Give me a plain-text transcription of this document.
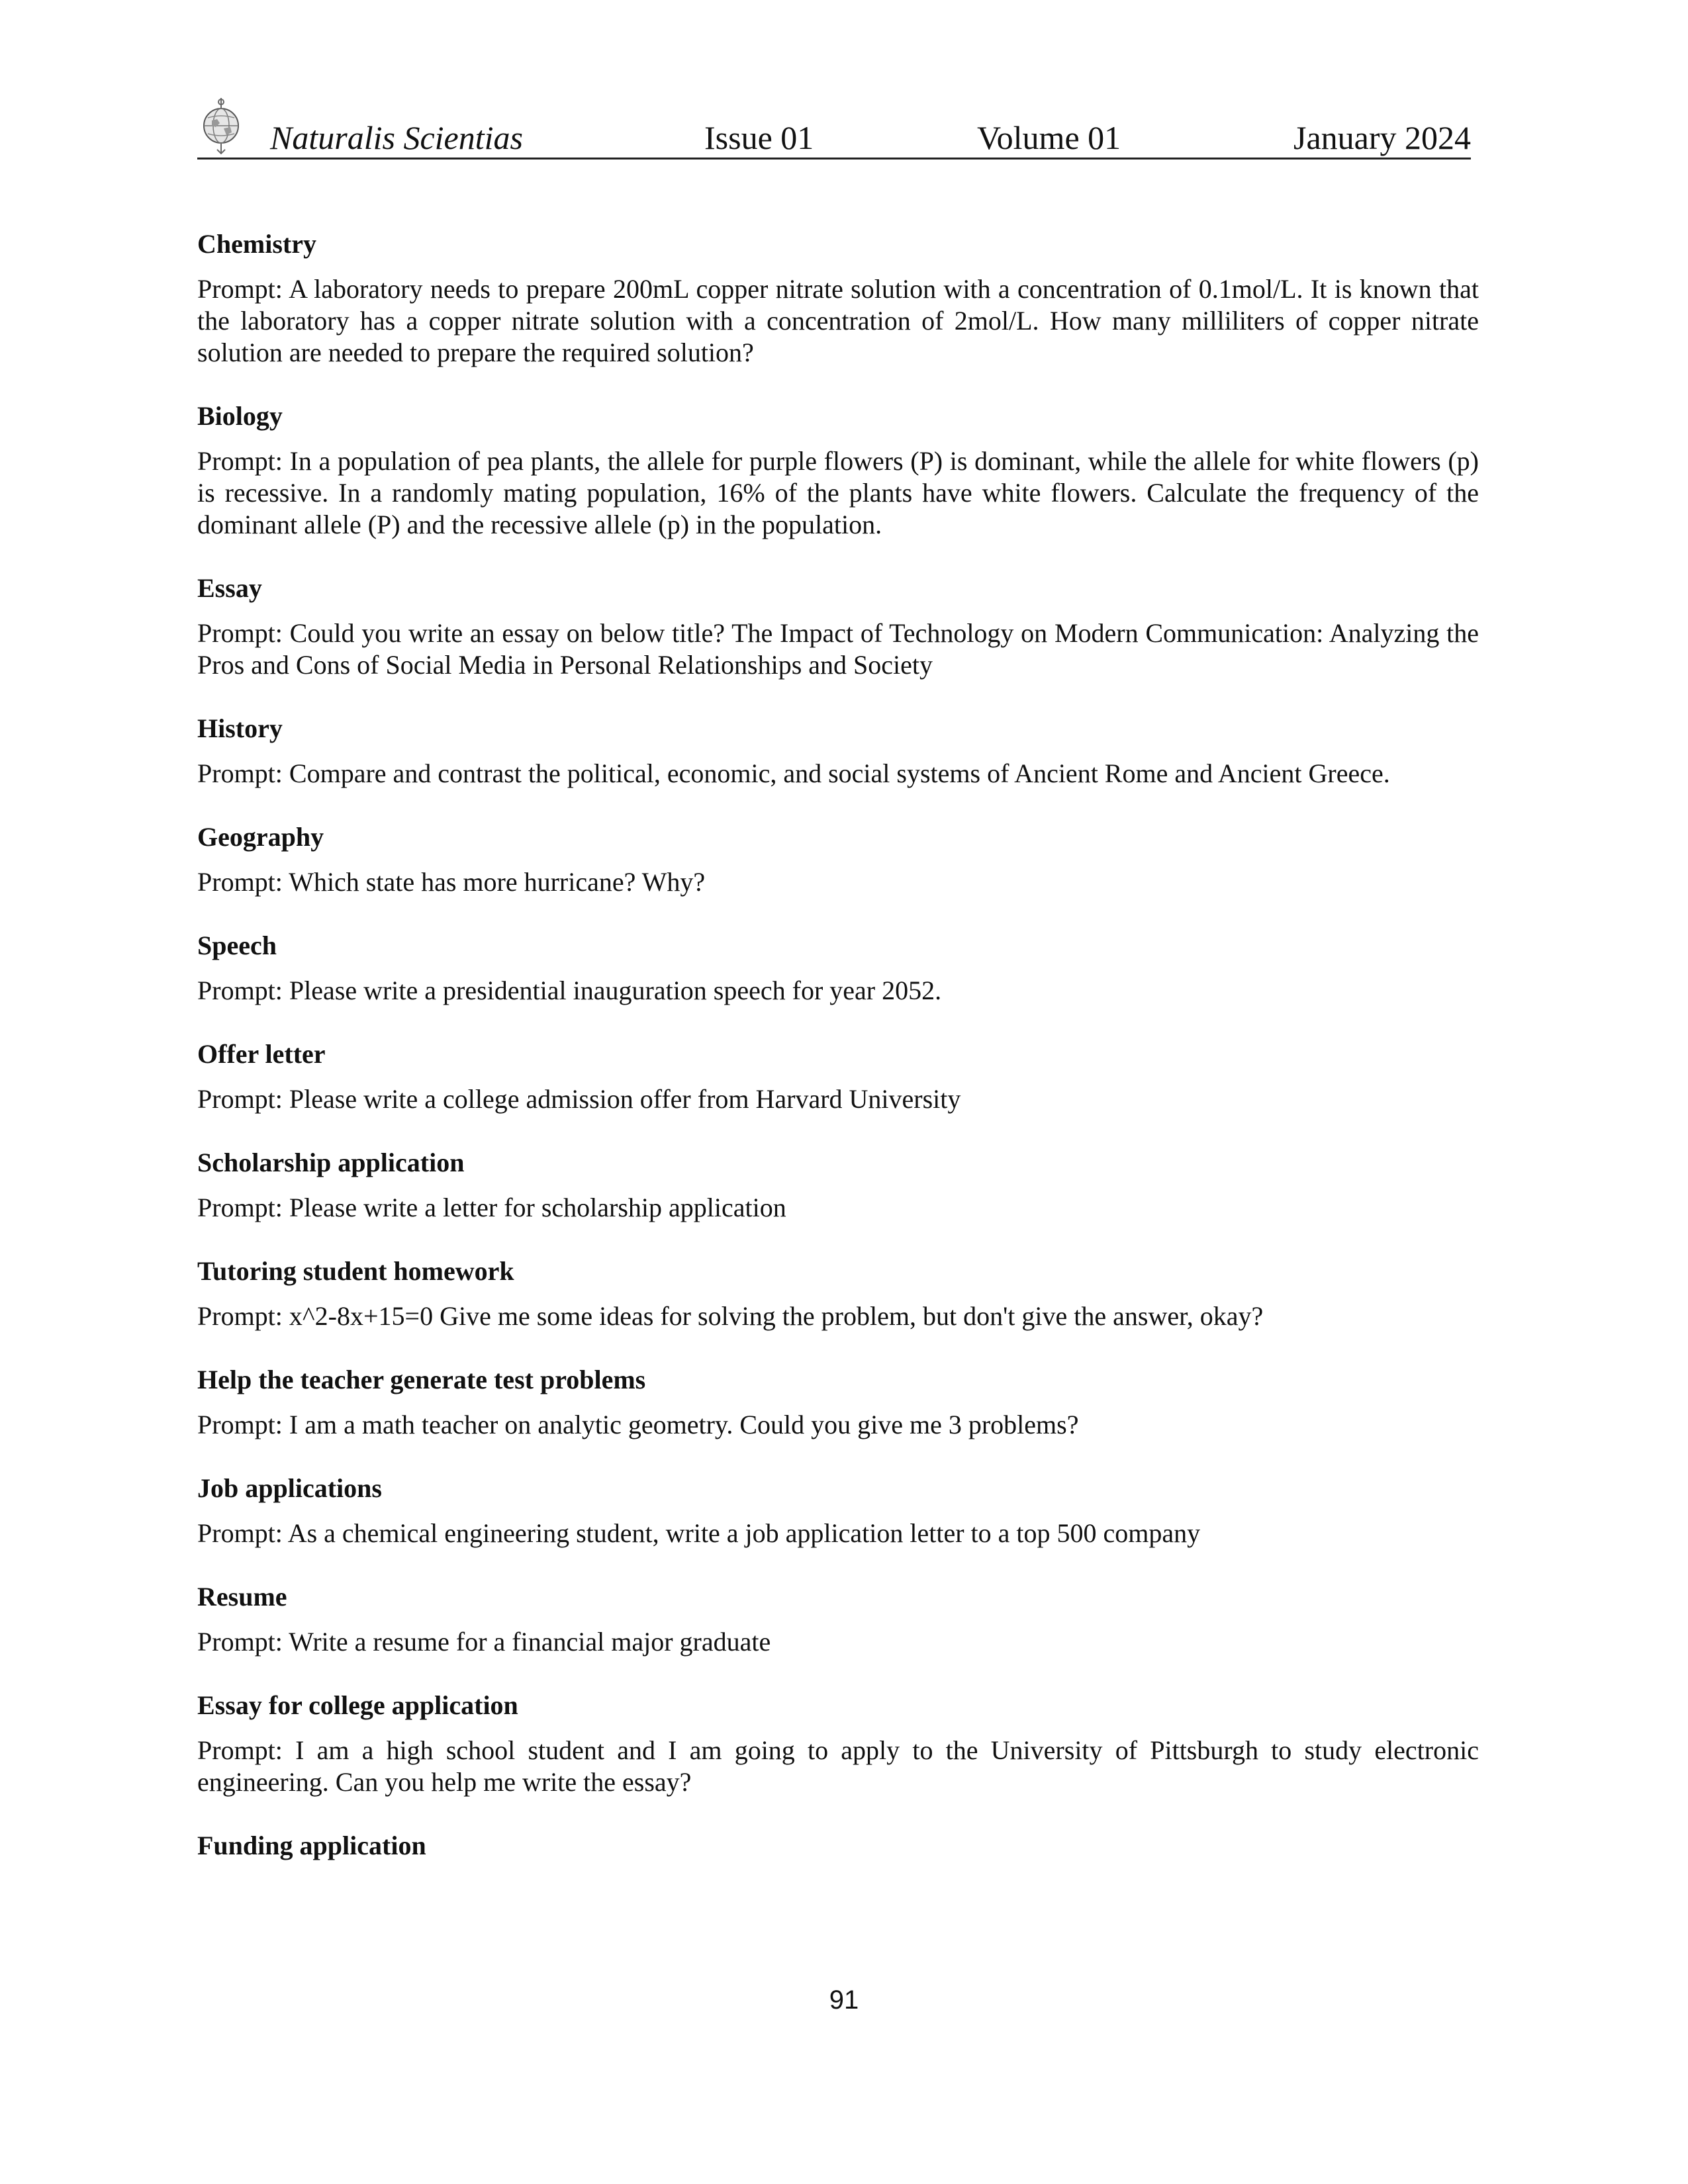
Naturalis Scientias	Issue 01	Volume 01	January 2024
Chemistry
Prompt: A laboratory needs to prepare 200mL copper nitrate solution with a concentration of 0.1mol/L. It is known that the laboratory has a copper nitrate solution with a concentration of 2mol/L. How many milliliters of copper nitrate solution are needed to prepare the required solution?
Biology
Prompt: In a population of pea plants, the allele for purple flowers (P) is dominant, while the allele for white flowers (p) is recessive. In a randomly mating population, 16% of the plants have white flowers. Calculate the frequency of the dominant allele (P) and the recessive allele (p) in the population.
Essay
Prompt: Could you write an essay on below title? The Impact of Technology on Modern Communication: Analyzing the Pros and Cons of Social Media in Personal Relationships and Society
History
Prompt: Compare and contrast the political, economic, and social systems of Ancient Rome and Ancient Greece.
Geography
Prompt: Which state has more hurricane? Why?
Speech
Prompt: Please write a presidential inauguration speech for year 2052.
Offer letter
Prompt: Please write a college admission offer from Harvard University
Scholarship application
Prompt: Please write a letter for scholarship application
Tutoring student homework
Prompt: x^2-8x+15=0 Give me some ideas for solving the problem, but don't give the answer, okay?
Help the teacher generate test problems
Prompt: I am a math teacher on analytic geometry. Could you give me 3 problems?
Job applications
Prompt: As a chemical engineering student, write a job application letter to a top 500 company
Resume
Prompt: Write a resume for a financial major graduate
Essay for college application
Prompt: I am a high school student and I am going to apply to the University of Pittsburgh to study electronic engineering. Can you help me write the essay?
Funding application
91
